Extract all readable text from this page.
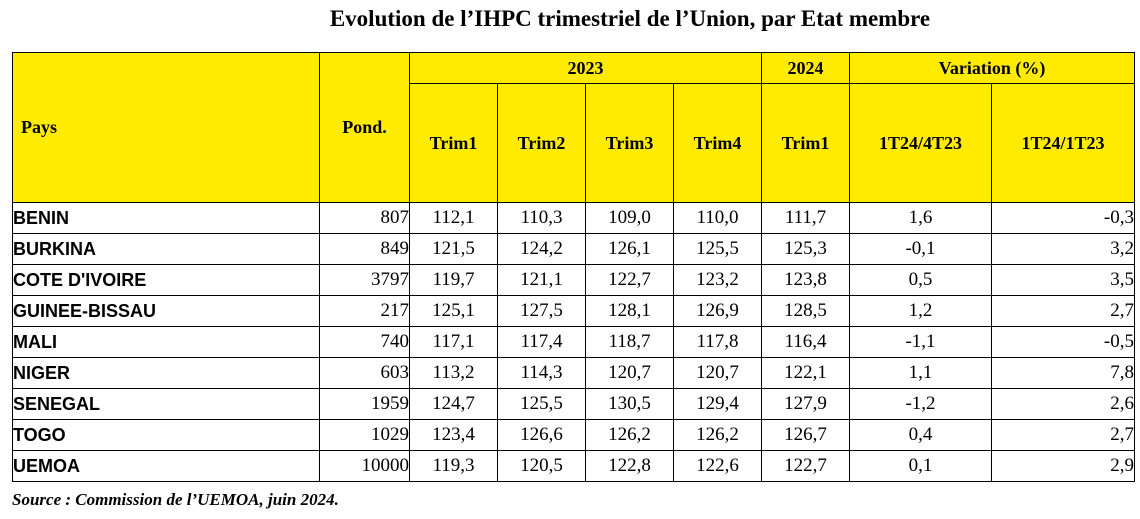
Evolution de l’IHPC trimestriel de l’Union, par Etat membre
Pays	Pond.	2023				2024	Variation (%)	
		Trim1	Trim2	Trim3	Trim4	Trim1	1T24/4T23	1T24/1T23
BENIN	807	112,1	110,3	109,0	110,0	111,7	1,6	-0,3
BURKINA	849	121,5	124,2	126,1	125,5	125,3	-0,1	3,2
COTE D'IVOIRE	3797	119,7	121,1	122,7	123,2	123,8	0,5	3,5
GUINEE-BISSAU	217	125,1	127,5	128,1	126,9	128,5	1,2	2,7
MALI	740	117,1	117,4	118,7	117,8	116,4	-1,1	-0,5
NIGER	603	113,2	114,3	120,7	120,7	122,1	1,1	7,8
SENEGAL	1959	124,7	125,5	130,5	129,4	127,9	-1,2	2,6
TOGO	1029	123,4	126,6	126,2	126,2	126,7	0,4	2,7
UEMOA	10000	119,3	120,5	122,8	122,6	122,7	0,1	2,9
Source : Commission de l’UEMOA, juin 2024.
